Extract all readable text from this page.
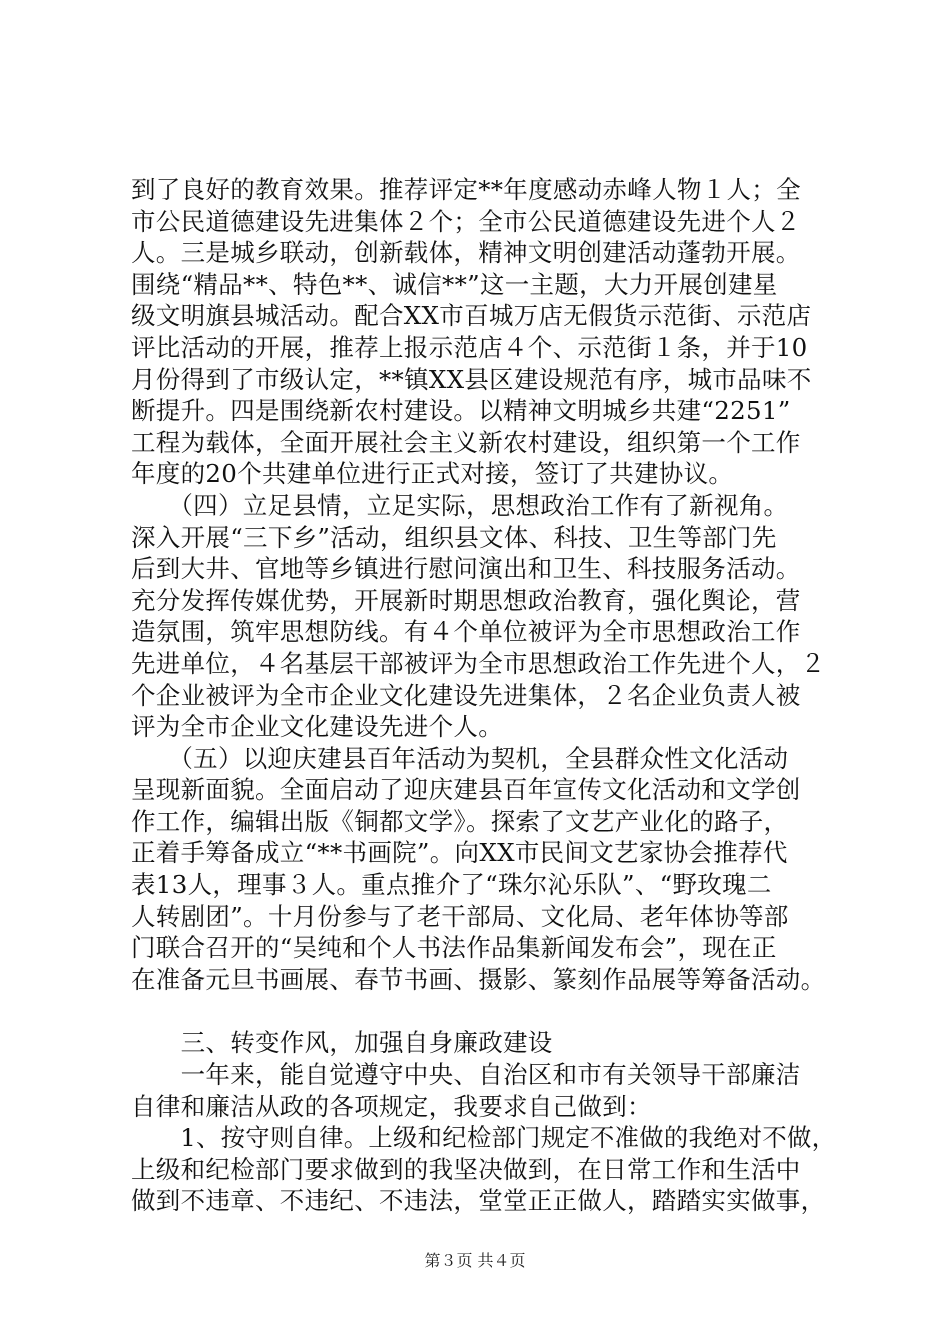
到了良好的教育效果。推荐评定**年度感动赤峰人物１人；全
市公民道德建设先进集体２个；全市公民道德建设先进个人２
人。三是城乡联动，创新载体，精神文明创建活动蓬勃开展。
围绕“精品**、特色**、诚信**”这一主题，大力开展创建星
级文明旗县城活动。配合XX市百城万店无假货示范街、示范店
评比活动的开展，推荐上报示范店４个、示范街１条，并于10
月份得到了市级认定，**镇XX县区建设规范有序，城市品味不
断提升。四是围绕新农村建设。以精神文明城乡共建“2251”
工程为载体，全面开展社会主义新农村建设，组织第一个工作
年度的20个共建单位进行正式对接，签订了共建协议。
　　（四）立足县情，立足实际，思想政治工作有了新视角。
深入开展“三下乡”活动，组织县文体、科技、卫生等部门先
后到大井、官地等乡镇进行慰问演出和卫生、科技服务活动。
充分发挥传媒优势，开展新时期思想政治教育，强化舆论，营
造氛围，筑牢思想防线。有４个单位被评为全市思想政治工作
先进单位，４名基层干部被评为全市思想政治工作先进个人，２
个企业被评为全市企业文化建设先进集体，２名企业负责人被
评为全市企业文化建设先进个人。
　　（五）以迎庆建县百年活动为契机，全县群众性文化活动
呈现新面貌。全面启动了迎庆建县百年宣传文化活动和文学创
作工作，编辑出版《铜都文学》。探索了文艺产业化的路子，
正着手筹备成立“**书画院”。向XX市民间文艺家协会推荐代
表13人，理事３人。重点推介了“珠尔沁乐队”、“野玫瑰二
人转剧团”。十月份参与了老干部局、文化局、老年体协等部
门联合召开的“吴纯和个人书法作品集新闻发布会”，现在正
在准备元旦书画展、春节书画、摄影、篆刻作品展等筹备活动。
　　三、转变作风，加强自身廉政建设
　　一年来，能自觉遵守中央、自治区和市有关领导干部廉洁
自律和廉洁从政的各项规定，我要求自己做到：
　　1、按守则自律。上级和纪检部门规定不准做的我绝对不做，
上级和纪检部门要求做到的我坚决做到，在日常工作和生活中
做到不违章、不违纪、不违法，堂堂正正做人，踏踏实实做事，
第３页 共４页
